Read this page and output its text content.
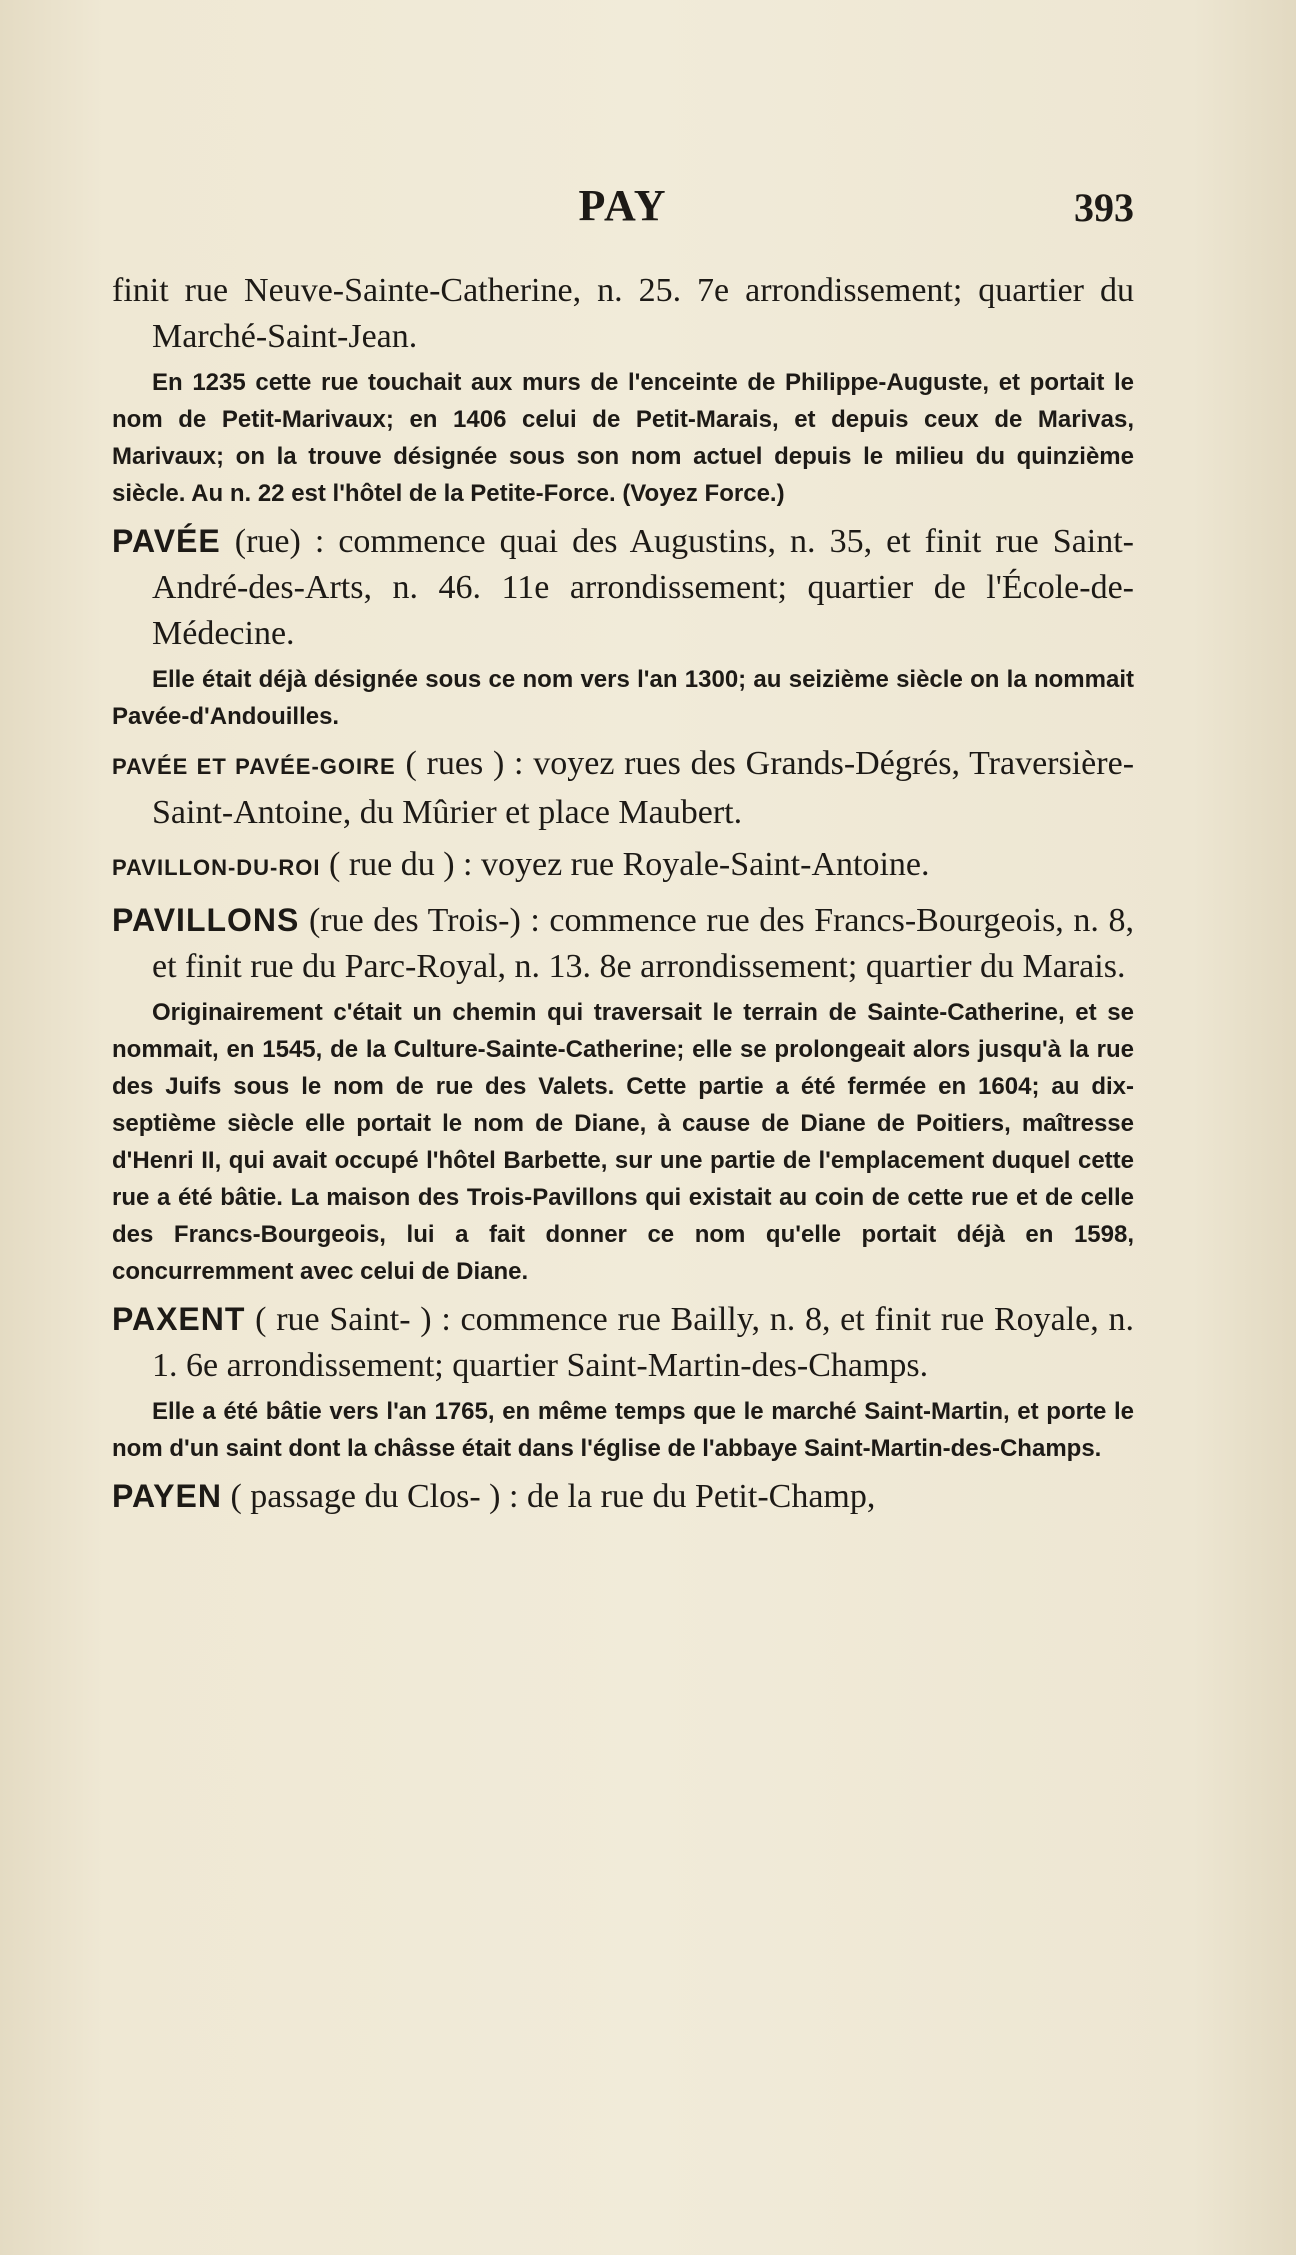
PAY	393

finit rue Neuve-Sainte-Catherine, n. 25. 7e arrondissement; quartier du Marché-Saint-Jean.

En 1235 cette rue touchait aux murs de l'enceinte de Philippe-Auguste, et portait le nom de Petit-Marivaux; en 1406 celui de Petit-Marais, et depuis ceux de Marivas, Marivaux; on la trouve désignée sous son nom actuel depuis le milieu du quinzième siècle. Au n. 22 est l'hôtel de la Petite-Force. (Voyez Force.)

PAVÉE (rue) : commence quai des Augustins, n. 35, et finit rue Saint-André-des-Arts, n. 46. 11e arrondissement; quartier de l'École-de-Médecine.

Elle était déjà désignée sous ce nom vers l'an 1300; au seizième siècle on la nommait Pavée-d'Andouilles.

PAVÉE ET PAVÉE-GOIRE ( rues ) : voyez rues des Grands-Dégrés, Traversière-Saint-Antoine, du Mûrier et place Maubert.

PAVILLON-DU-ROI ( rue du ) : voyez rue Royale-Saint-Antoine.

PAVILLONS (rue des Trois-) : commence rue des Francs-Bourgeois, n. 8, et finit rue du Parc-Royal, n. 13. 8e arrondissement; quartier du Marais.

Originairement c'était un chemin qui traversait le terrain de Sainte-Catherine, et se nommait, en 1545, de la Culture-Sainte-Catherine; elle se prolongeait alors jusqu'à la rue des Juifs sous le nom de rue des Valets. Cette partie a été fermée en 1604; au dix-septième siècle elle portait le nom de Diane, à cause de Diane de Poitiers, maîtresse d'Henri II, qui avait occupé l'hôtel Barbette, sur une partie de l'emplacement duquel cette rue a été bâtie. La maison des Trois-Pavillons qui existait au coin de cette rue et de celle des Francs-Bourgeois, lui a fait donner ce nom qu'elle portait déjà en 1598, concurremment avec celui de Diane.

PAXENT ( rue Saint- ) : commence rue Bailly, n. 8, et finit rue Royale, n. 1. 6e arrondissement; quartier Saint-Martin-des-Champs.

Elle a été bâtie vers l'an 1765, en même temps que le marché Saint-Martin, et porte le nom d'un saint dont la châsse était dans l'église de l'abbaye Saint-Martin-des-Champs.

PAYEN ( passage du Clos- ) : de la rue du Petit-Champ,
